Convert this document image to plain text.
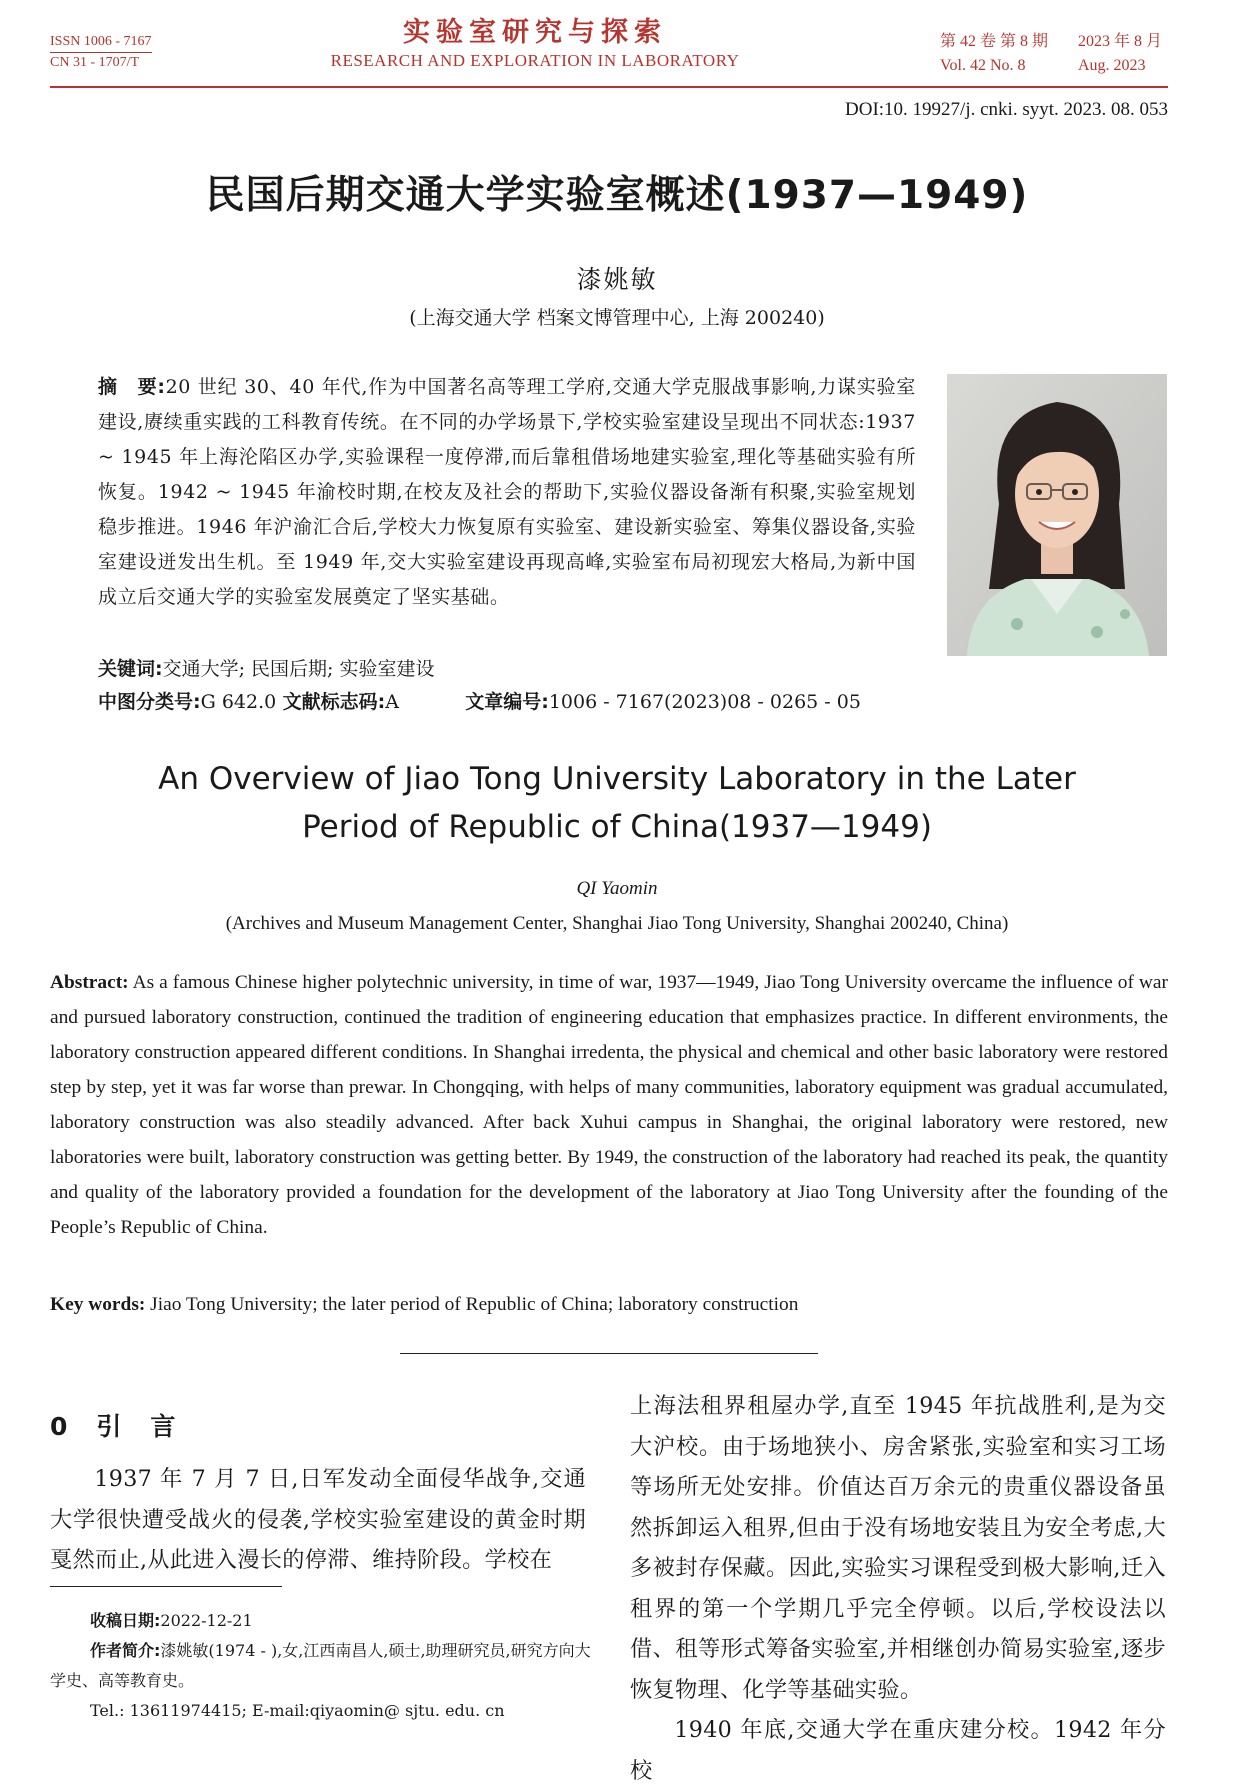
ISSN 1006 - 7167
CN 31 - 1707/T
实验室研究与探索
RESEARCH AND EXPLORATION IN LABORATORY
第 42 卷 第 8 期 2023 年 8 月
Vol. 42 No. 8	Aug. 2023
DOI:10. 19927/j. cnki. syyt. 2023. 08. 053
民国后期交通大学实验室概述(1937—1949)
漆姚敏
(上海交通大学 档案文博管理中心, 上海 200240)
摘　要:20 世纪 30、40 年代,作为中国著名高等理工学府,交通大学克服战事影响,力谋实验室建设,赓续重实践的工科教育传统。在不同的办学场景下,学校实验室建设呈现出不同状态:1937 ~ 1945 年上海沦陷区办学,实验课程一度停滞,而后靠租借场地建实验室,理化等基础实验有所恢复。1942 ~ 1945 年渝校时期,在校友及社会的帮助下,实验仪器设备渐有积聚,实验室规划稳步推进。1946 年沪渝汇合后,学校大力恢复原有实验室、建设新实验室、筹集仪器设备,实验室建设迸发出生机。至 1949 年,交大实验室建设再现高峰,实验室布局初现宏大格局,为新中国成立后交通大学的实验室发展奠定了坚实基础。
关键词:交通大学; 民国后期; 实验室建设
中图分类号:G 642.0 文献标志码:A	文章编号:1006 - 7167(2023)08 - 0265 - 05
An Overview of Jiao Tong University Laboratory in the Later
Period of Republic of China(1937—1949)
QI Yaomin
(Archives and Museum Management Center, Shanghai Jiao Tong University, Shanghai 200240, China)
Abstract: As a famous Chinese higher polytechnic university, in time of war, 1937—1949, Jiao Tong University overcame the influence of war and pursued laboratory construction, continued the tradition of engineering education that emphasizes practice. In different environments, the laboratory construction appeared different conditions. In Shanghai irredenta, the physical and chemical and other basic laboratory were restored step by step, yet it was far worse than prewar. In Chongqing, with helps of many communities, laboratory equipment was gradual accumulated, laboratory construction was also steadily advanced. After back Xuhui campus in Shanghai, the original laboratory were restored, new laboratories were built, laboratory construction was getting better. By 1949, the construction of the laboratory had reached its peak, the quantity and quality of the laboratory provided a foundation for the development of the laboratory at Jiao Tong University after the founding of the People’s Republic of China.
Key words: Jiao Tong University; the later period of Republic of China; laboratory construction
0　引　言
1937 年 7 月 7 日,日军发动全面侵华战争,交通大学很快遭受战火的侵袭,学校实验室建设的黄金时期戛然而止,从此进入漫长的停滞、维持阶段。学校在
上海法租界租屋办学,直至 1945 年抗战胜利,是为交大沪校。由于场地狭小、房舍紧张,实验室和实习工场等场所无处安排。价值达百万余元的贵重仪器设备虽然拆卸运入租界,但由于没有场地安装且为安全考虑,大多被封存保藏。因此,实验实习课程受到极大影响,迁入租界的第一个学期几乎完全停顿。以后,学校设法以借、租等形式筹备实验室,并相继创办简易实验室,逐步恢复物理、化学等基础实验。
1940 年底,交通大学在重庆建分校。1942 年分校
收稿日期:2022-12-21
作者简介:漆姚敏(1974 - ),女,江西南昌人,硕士,助理研究员,研究方向大学史、高等教育史。
Tel.: 13611974415; E-mail:qiyaomin@ sjtu. edu. cn
